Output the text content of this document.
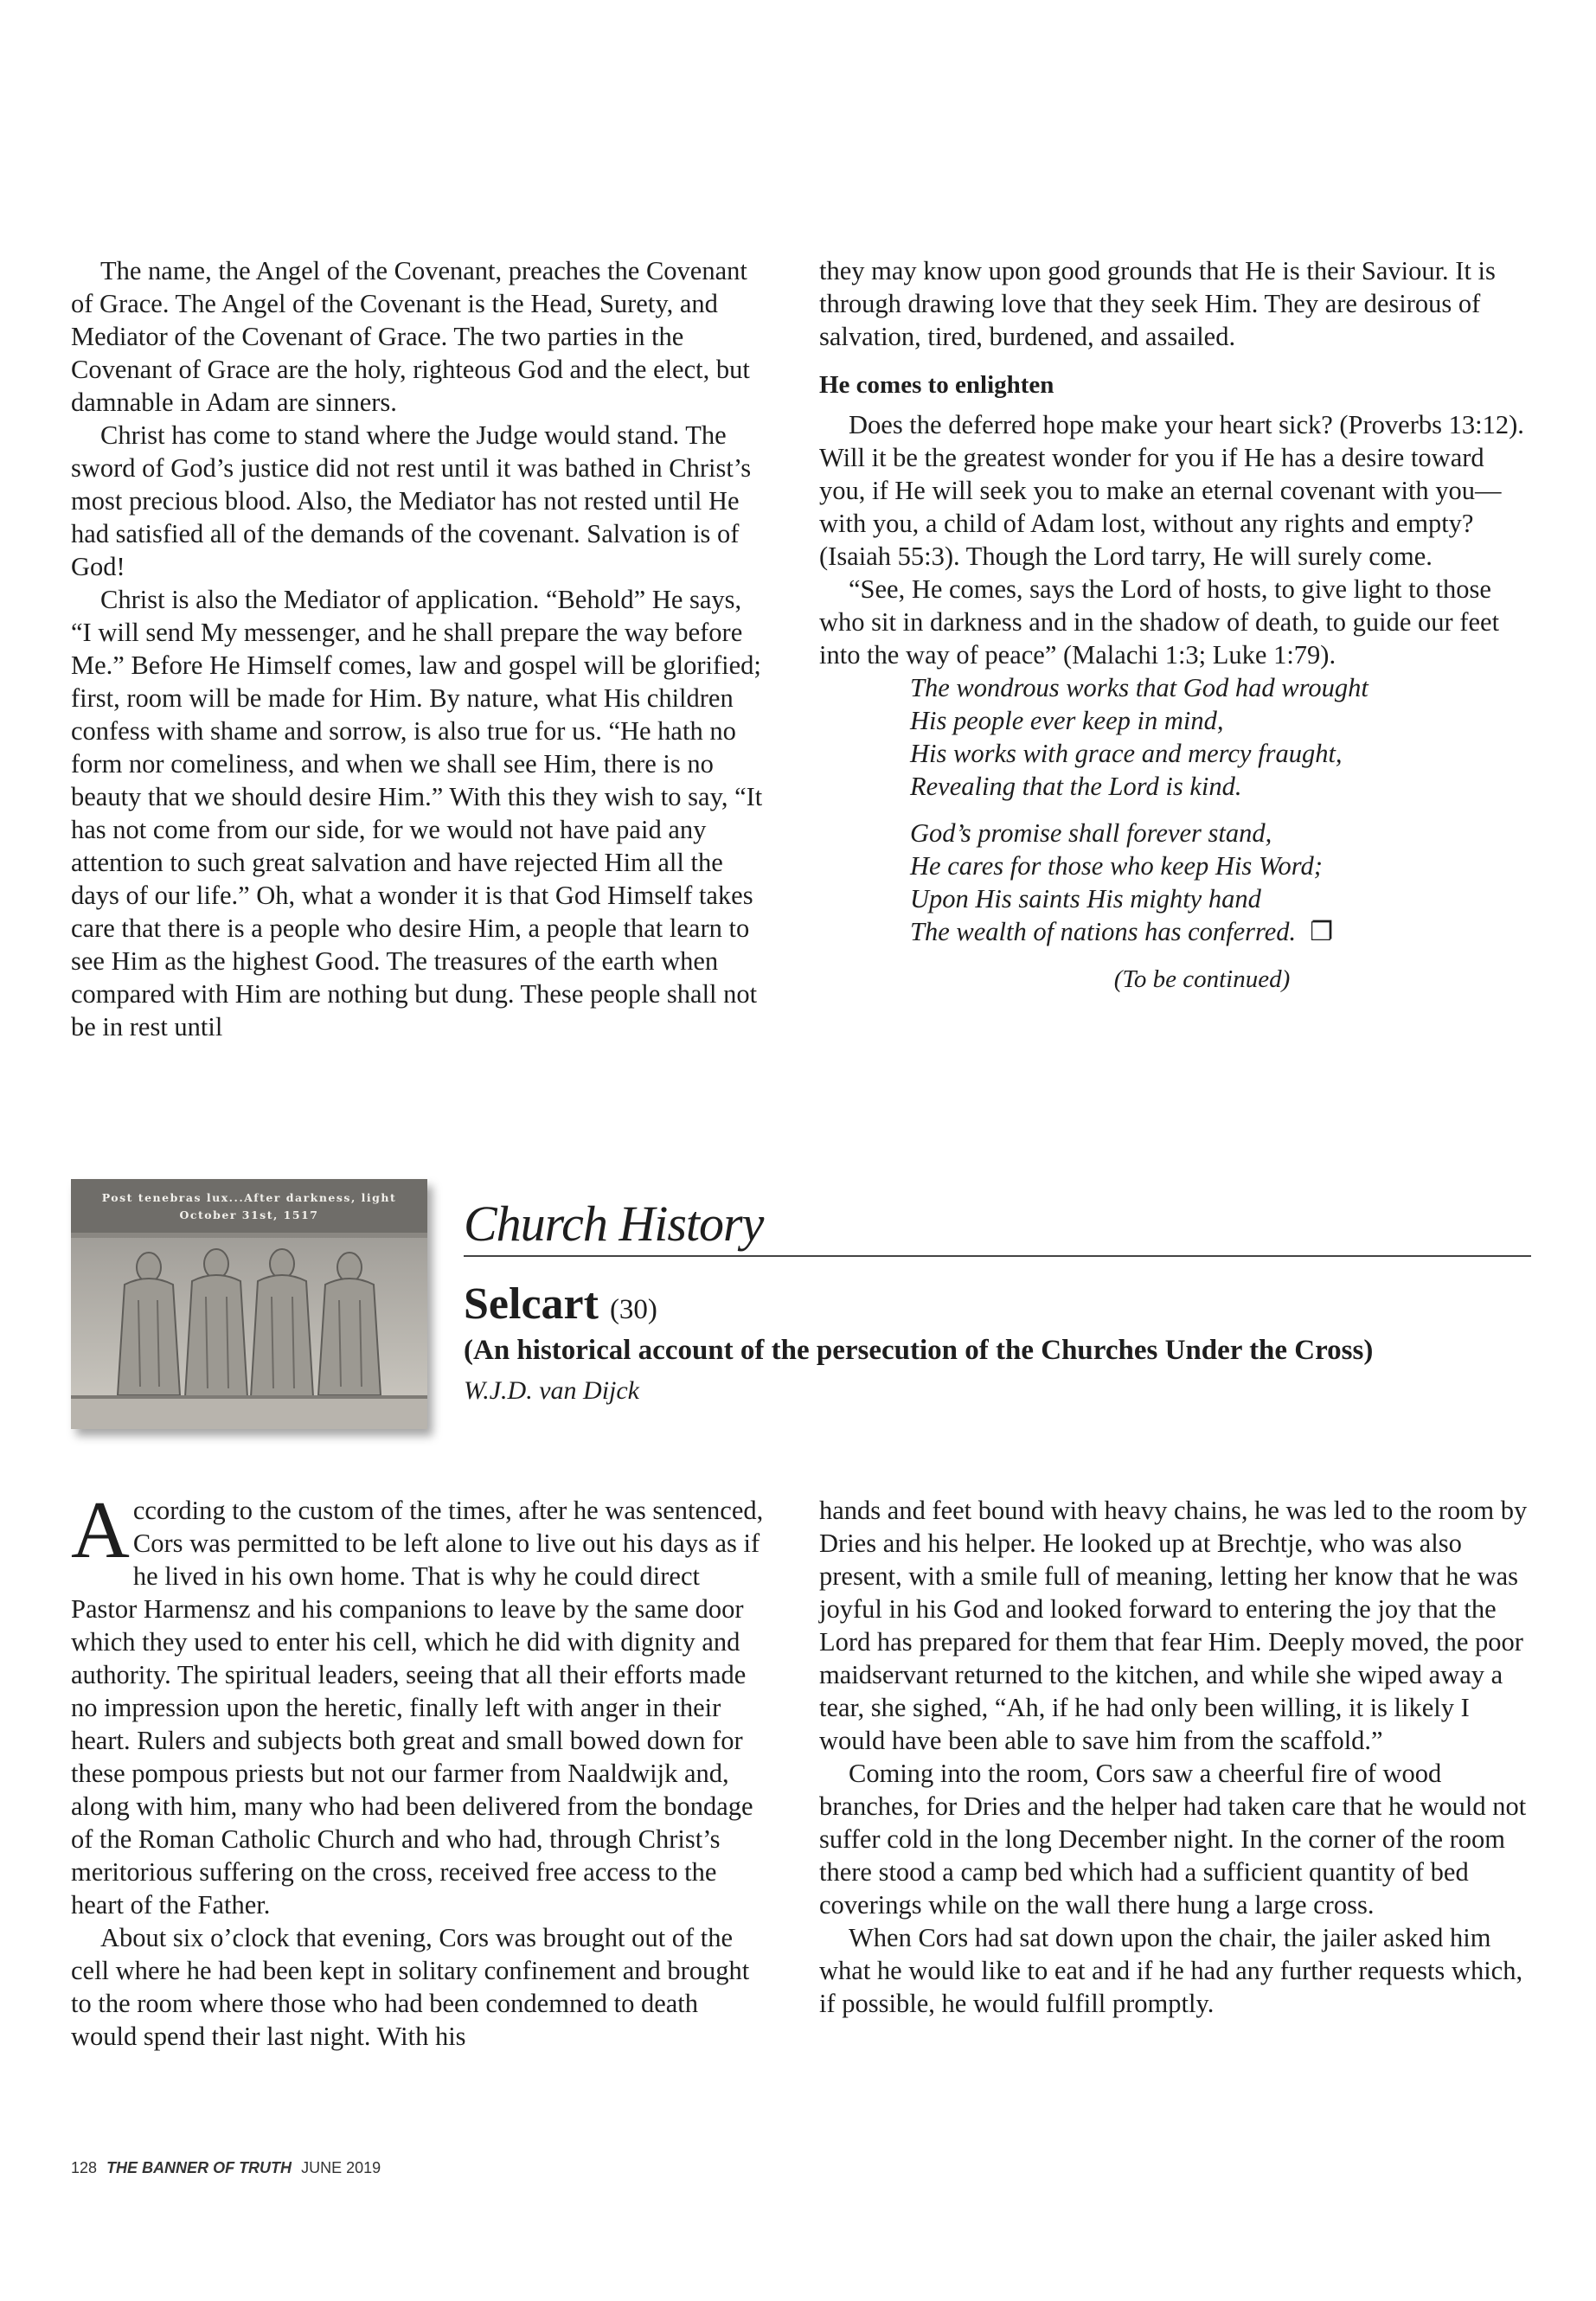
The name, the Angel of the Covenant, preaches the Covenant of Grace. The Angel of the Covenant is the Head, Surety, and Mediator of the Covenant of Grace. The two parties in the Covenant of Grace are the holy, righteous God and the elect, but damnable in Adam are sinners.

Christ has come to stand where the Judge would stand. The sword of God’s justice did not rest until it was bathed in Christ’s most precious blood. Also, the Mediator has not rested until He had satisfied all of the demands of the covenant. Salvation is of God!

Christ is also the Mediator of application. “Behold” He says, “I will send My messenger, and he shall prepare the way before Me.” Before He Himself comes, law and gospel will be glorified; first, room will be made for Him. By nature, what His children confess with shame and sorrow, is also true for us. “He hath no form nor comeliness, and when we shall see Him, there is no beauty that we should desire Him.” With this they wish to say, “It has not come from our side, for we would not have paid any attention to such great salvation and have rejected Him all the days of our life.” Oh, what a wonder it is that God Himself takes care that there is a people who desire Him, a people that learn to see Him as the highest Good. The treasures of the earth when compared with Him are nothing but dung. These people shall not be in rest until

they may know upon good grounds that He is their Saviour. It is through drawing love that they seek Him. They are desirous of salvation, tired, burdened, and assailed.

He comes to enlighten

Does the deferred hope make your heart sick? (Proverbs 13:12). Will it be the greatest wonder for you if He has a desire toward you, if He will seek you to make an eternal covenant with you—with you, a child of Adam lost, without any rights and empty? (Isaiah 55:3). Though the Lord tarry, He will surely come.

“See, He comes, says the Lord of hosts, to give light to those who sit in darkness and in the shadow of death, to guide our feet into the way of peace” (Malachi 1:3; Luke 1:79).

The wondrous works that God had wrought
His people ever keep in mind,
His works with grace and mercy fraught,
Revealing that the Lord is kind.
God’s promise shall forever stand,
He cares for those who keep His Word;
Upon His saints His mighty hand
The wealth of nations has conferred. ❐
(To be continued)
Post tenebras lux...After darkness, light
October 31st, 1517	Church History
Selcart (30)
(An historical account of the persecution of the Churches Under the Cross)
W.J.D. van Dijck

According to the custom of the times, after he was sentenced, Cors was permitted to be left alone to live out his days as if he lived in his own home. That is why he could direct Pastor Harmensz and his companions to leave by the same door which they used to enter his cell, which he did with dignity and authority. The spiritual leaders, seeing that all their efforts made no impression upon the heretic, finally left with anger in their heart. Rulers and subjects both great and small bowed down for these pompous priests but not our farmer from Naaldwijk and, along with him, many who had been delivered from the bondage of the Roman Catholic Church and who had, through Christ’s meritorious suffering on the cross, received free access to the heart of the Father.

About six o’clock that evening, Cors was brought out of the cell where he had been kept in solitary confinement and brought to the room where those who had been condemned to death would spend their last night. With his

hands and feet bound with heavy chains, he was led to the room by Dries and his helper. He looked up at Brechtje, who was also present, with a smile full of meaning, letting her know that he was joyful in his God and looked forward to entering the joy that the Lord has prepared for them that fear Him. Deeply moved, the poor maidservant returned to the kitchen, and while she wiped away a tear, she sighed, “Ah, if he had only been willing, it is likely I would have been able to save him from the scaffold.”

Coming into the room, Cors saw a cheerful fire of wood branches, for Dries and the helper had taken care that he would not suffer cold in the long December night. In the corner of the room there stood a camp bed which had a sufficient quantity of bed coverings while on the wall there hung a large cross.

When Cors had sat down upon the chair, the jailer asked him what he would like to eat and if he had any further requests which, if possible, he would fulfill promptly.

128 THE BANNER OF TRUTH JUNE 2019
